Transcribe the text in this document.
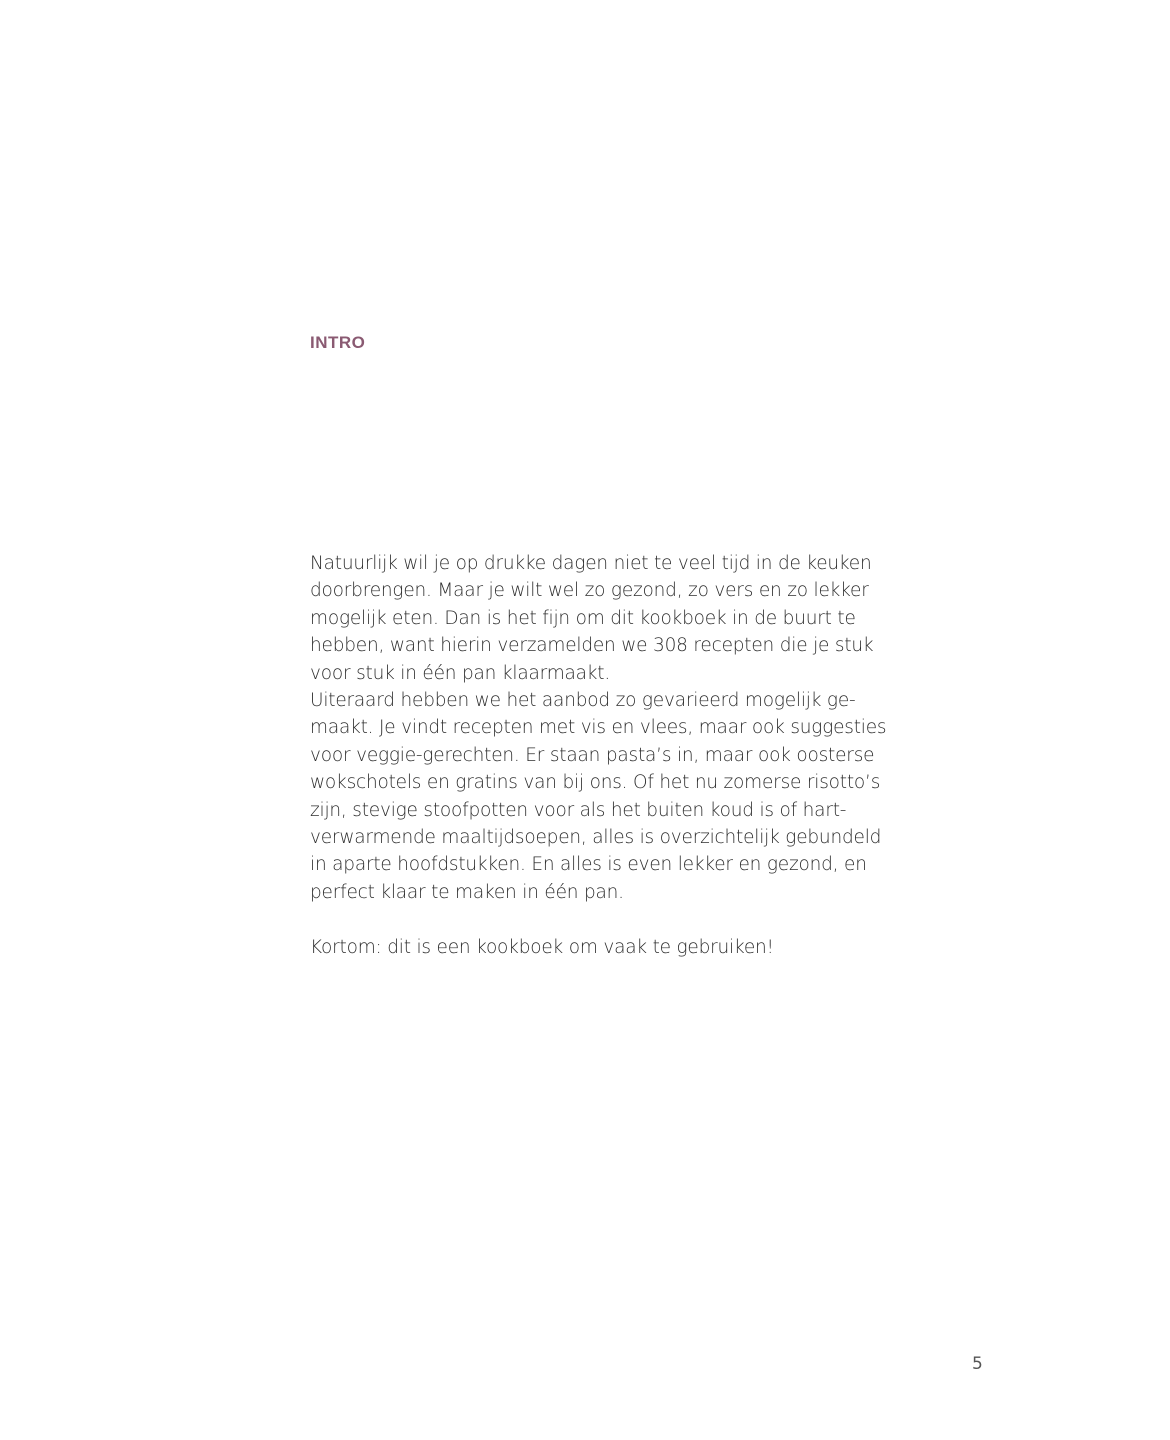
INTRO
Natuurlijk wil je op drukke dagen niet te veel tijd in de keuken
doorbrengen. Maar je wilt wel zo gezond, zo vers en zo lekker
mogelijk eten. Dan is het fijn om dit kookboek in de buurt te
hebben, want hierin verzamelden we 308 recepten die je stuk
voor stuk in één pan klaarmaakt.
Uiteraard hebben we het aanbod zo gevarieerd mogelijk ge-
maakt. Je vindt recepten met vis en vlees, maar ook suggesties
voor veggie-gerechten. Er staan pasta’s in, maar ook oosterse
wokschotels en gratins van bij ons. Of het nu zomerse risotto’s
zijn, stevige stoofpotten voor als het buiten koud is of hart-
verwarmende maaltijdsoepen, alles is overzichtelijk gebundeld
in aparte hoofdstukken. En alles is even lekker en gezond, en
perfect klaar te maken in één pan.
Kortom: dit is een kookboek om vaak te gebruiken!
5
